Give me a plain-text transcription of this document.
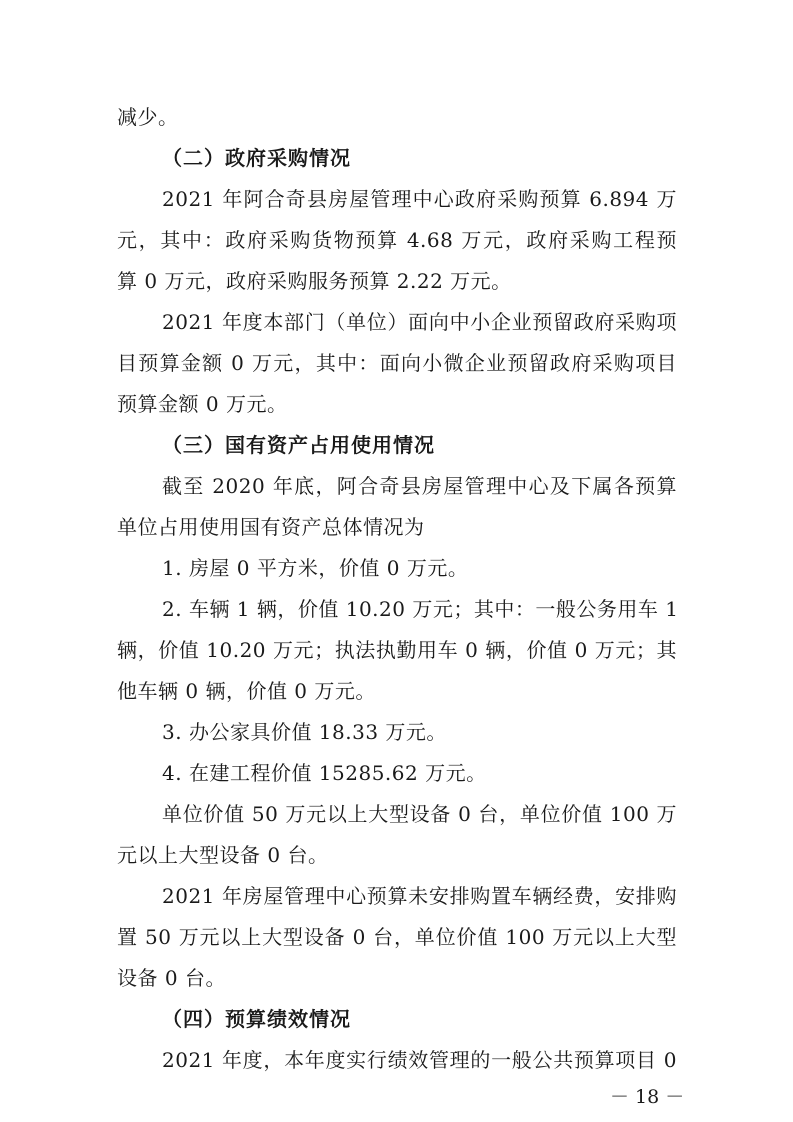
减少。
（二）政府采购情况
2021 年阿合奇县房屋管理中心政府采购预算 6.894 万
元，其中：政府采购货物预算 4.68 万元，政府采购工程预
算 0 万元，政府采购服务预算 2.22 万元。
2021 年度本部门（单位）面向中小企业预留政府采购项
目预算金额 0 万元，其中：面向小微企业预留政府采购项目
预算金额 0 万元。
（三）国有资产占用使用情况
截至 2020 年底，阿合奇县房屋管理中心及下属各预算
单位占用使用国有资产总体情况为
1. 房屋 0 平方米，价值 0 万元。
2. 车辆 1 辆，价值 10.20 万元；其中：一般公务用车 1
辆，价值 10.20 万元；执法执勤用车 0 辆，价值 0 万元；其
他车辆 0 辆，价值 0 万元。
3. 办公家具价值 18.33 万元。
4. 在建工程价值 15285.62 万元。
单位价值 50 万元以上大型设备 0 台，单位价值 100 万
元以上大型设备 0 台。
2021 年房屋管理中心预算未安排购置车辆经费，安排购
置 50 万元以上大型设备 0 台，单位价值 100 万元以上大型
设备 0 台。
（四）预算绩效情况
2021 年度，本年度实行绩效管理的一般公共预算项目 0
－ 18 －
